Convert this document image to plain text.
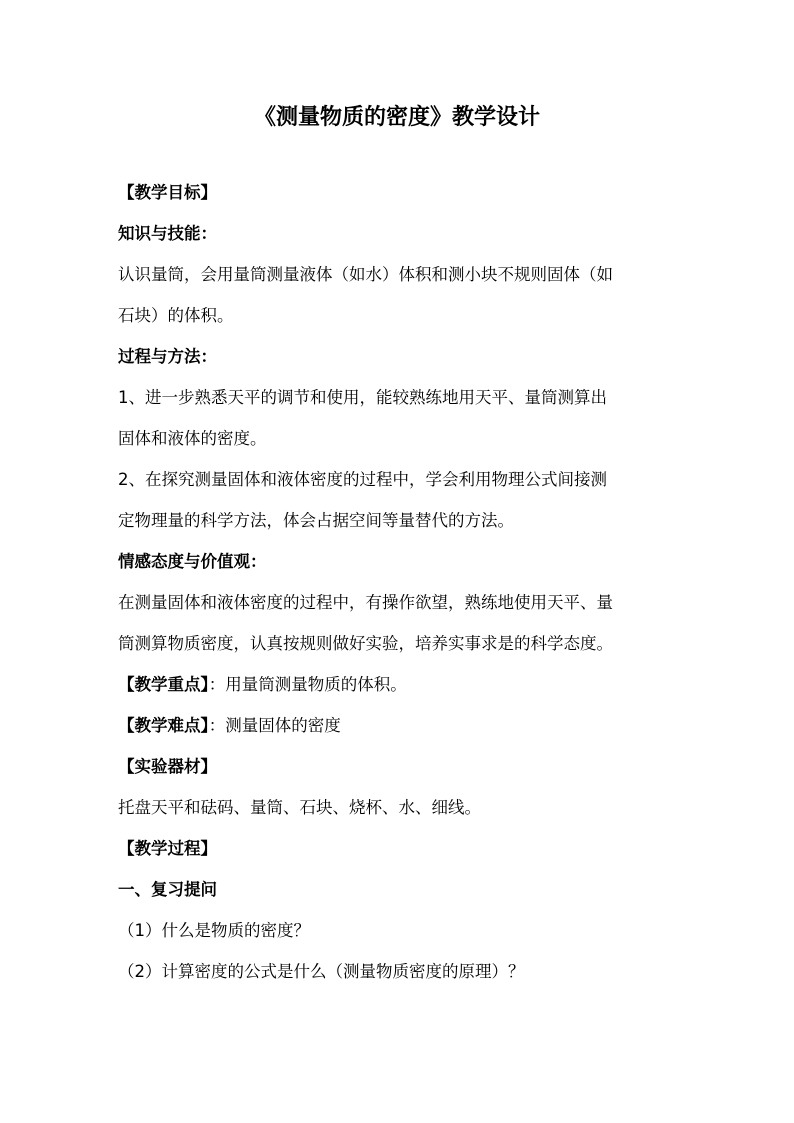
《测量物质的密度》教学设计
【教学目标】
知识与技能：
认识量筒，会用量筒测量液体（如水）体积和测小块不规则固体（如
石块）的体积。
过程与方法：
1、进一步熟悉天平的调节和使用，能较熟练地用天平、量筒测算出
固体和液体的密度。
2、在探究测量固体和液体密度的过程中，学会利用物理公式间接测
定物理量的科学方法，体会占据空间等量替代的方法。
情感态度与价值观：
在测量固体和液体密度的过程中，有操作欲望，熟练地使用天平、量
筒测算物质密度，认真按规则做好实验，培养实事求是的科学态度。
【教学重点】：用量筒测量物质的体积。
【教学难点】：测量固体的密度
【实验器材】
托盘天平和砝码、量筒、石块、烧杯、水、细线。
【教学过程】
一、复习提问
（1）什么是物质的密度？
（2）计算密度的公式是什么（测量物质密度的原理）？
